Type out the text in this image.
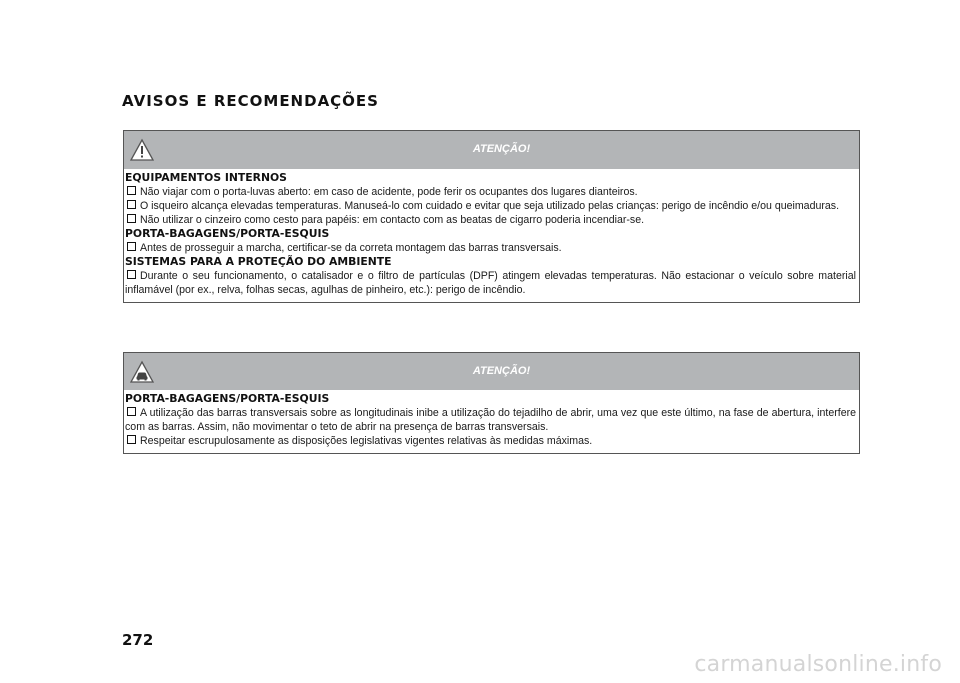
AVISOS E RECOMENDAÇÕES
ATENÇÃO!

EQUIPAMENTOS INTERNOS

Não viajar com o porta-luvas aberto: em caso de acidente, pode ferir os ocupantes dos lugares dianteiros.

O isqueiro alcança elevadas temperaturas. Manuseá-lo com cuidado e evitar que seja utilizado pelas crianças: perigo de incêndio e/ou queimaduras.

Não utilizar o cinzeiro como cesto para papéis: em contacto com as beatas de cigarro poderia incendiar-se.

PORTA-BAGAGENS/PORTA-ESQUIS

Antes de prosseguir a marcha, certificar-se da correta montagem das barras transversais.

SISTEMAS PARA A PROTEÇÃO DO AMBIENTE

Durante o seu funcionamento, o catalisador e o filtro de partículas (DPF) atingem elevadas temperaturas. Não estacionar o veículo sobre material inflamável (por ex., relva, folhas secas, agulhas de pinheiro, etc.): perigo de incêndio.

ATENÇÃO!

PORTA-BAGAGENS/PORTA-ESQUIS

A utilização das barras transversais sobre as longitudinais inibe a utilização do tejadilho de abrir, uma vez que este último, na fase de abertura, interfere com as barras. Assim, não movimentar o teto de abrir na presença de barras transversais.

Respeitar escrupulosamente as disposições legislativas vigentes relativas às medidas máximas.

272
carmanualsonline.info
